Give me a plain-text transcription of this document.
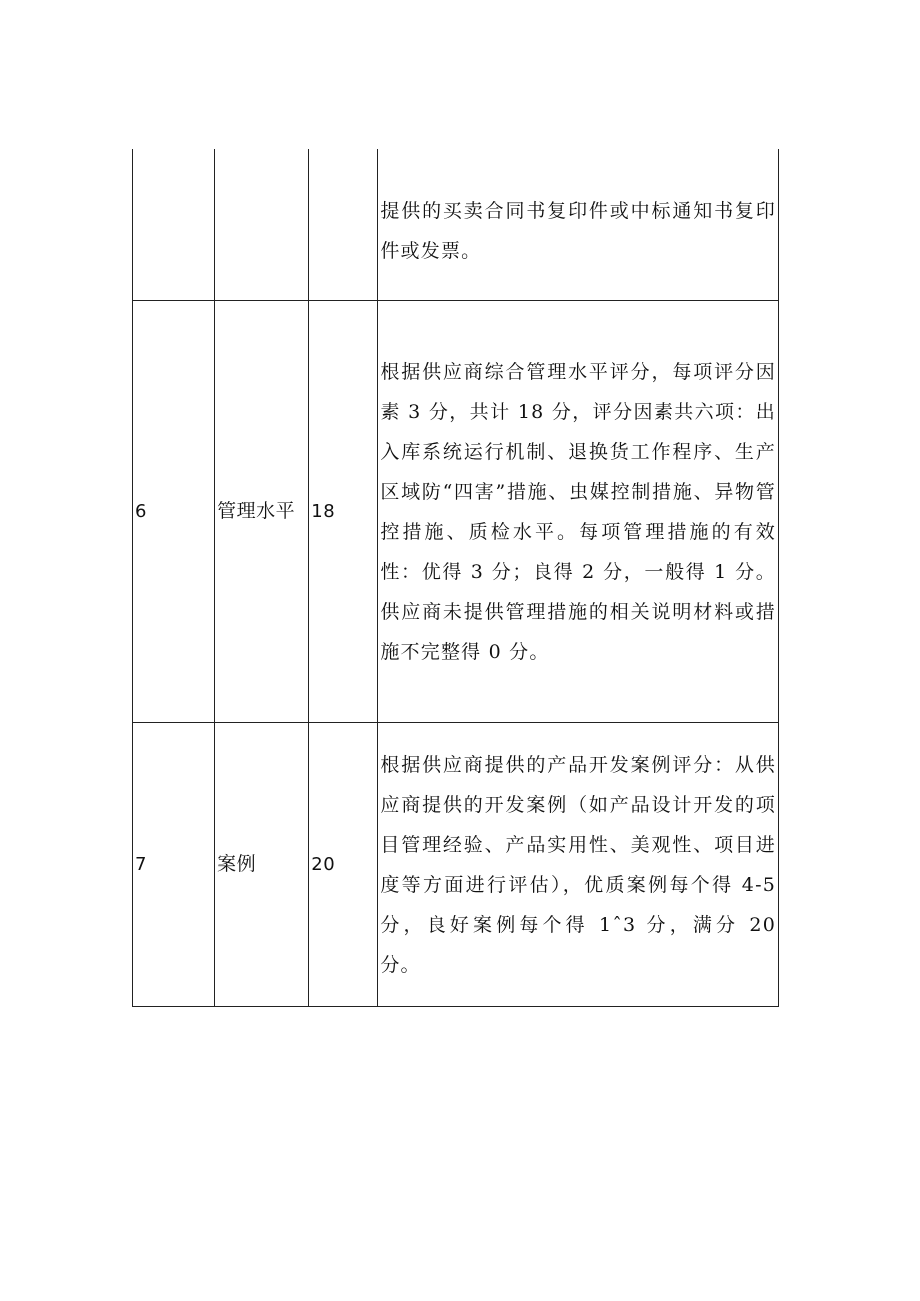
			提供的买卖合同书复印件或中标通知书复印件或发票。

6	管理水平	18	根据供应商综合管理水平评分，每项评分因素 3 分，共计 18 分，评分因素共六项：出入库系统运行机制、退换货工作程序、生产区域防“四害”措施、虫媒控制措施、异物管控措施、质检水平。每项管理措施的有效性：优得 3 分；良得 2 分，一般得 1 分。供应商未提供管理措施的相关说明材料或措施不完整得 0 分。

7	案例	20	根据供应商提供的产品开发案例评分：从供应商提供的开发案例（如产品设计开发的项目管理经验、产品实用性、美观性、项目进度等方面进行评估），优质案例每个得 4-5 分，良好案例每个得 1ˆ3 分，满分 20 分。
